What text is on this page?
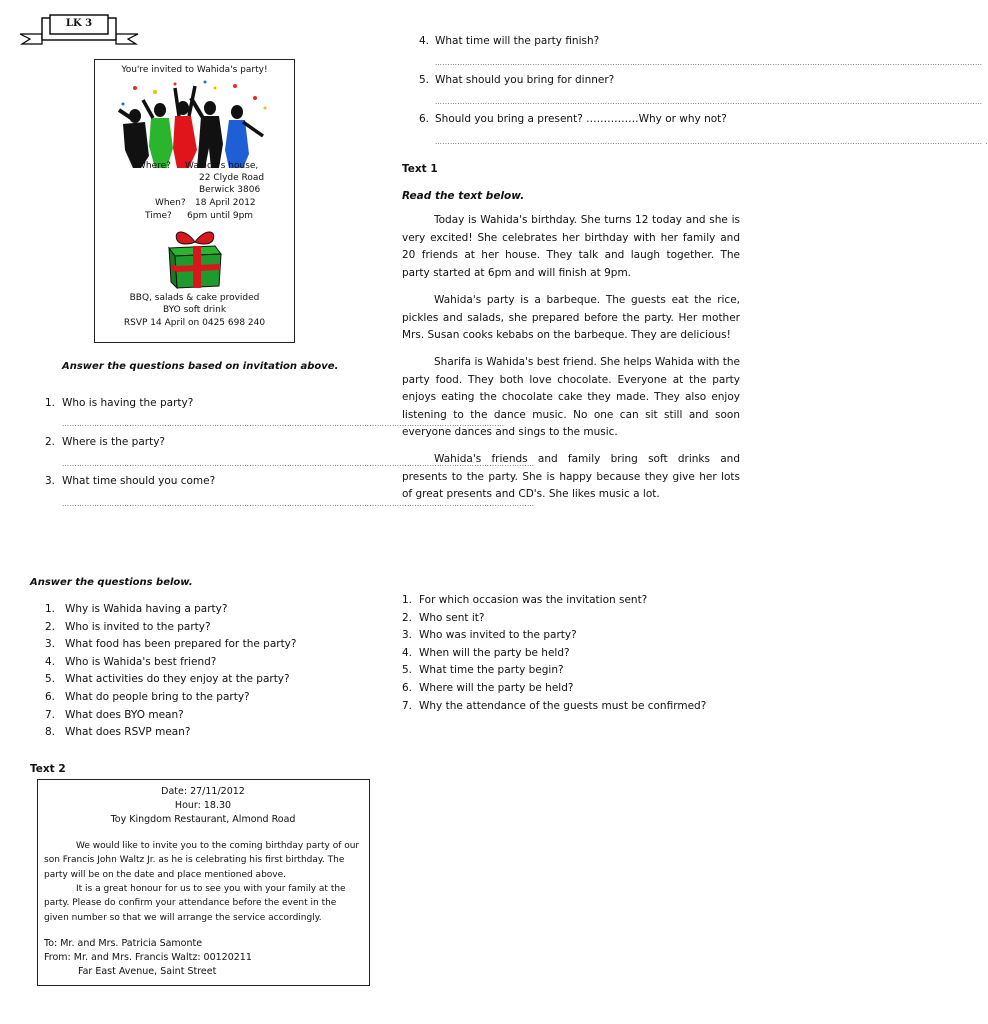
LK 3
You're invited to Wahida's party!
Where? Wahida's house,
22 Clyde Road
Berwick 3806
When? 18 April 2012
Time? 6pm until 9pm
BBQ, salads & cake provided
BYO soft drink
RSVP 14 April on 0425 698 240
Answer the questions based on invitation above.
1. Who is having the party?
……………………………………………………………………………………………………………………………………………………………
2. Where is the party?
………………………………………………………………………………………………………………………………………………………………………
3. What time should you come?
………………………………………………………………………………………………………………………………………………………………………
4. What time will the party finish?
…………………………………………………………………………………………………………………………………………………………………………………………………
5. What should you bring for dinner?
…………………………………………………………………………………………………………………………………………………………………………………………………
6. Should you bring a present? ……………Why or why not?
………………………………………………………………………………………………………………………………………………………………………………………………… .
Text 1
Read the text below.
Today is Wahida's birthday. She turns 12 today and she is very excited! She celebrates her birthday with her family and 20 friends at her house. They talk and laugh together. The party started at 6pm and will finish at 9pm.
Wahida's party is a barbeque. The guests eat the rice, pickles and salads, she prepared before the party. Her mother Mrs. Susan cooks kebabs on the barbeque. They are delicious!
Sharifa is Wahida's best friend. She helps Wahida with the party food. They both love chocolate. Everyone at the party enjoys eating the chocolate cake they made. They also enjoy listening to the dance music. No one can sit still and soon everyone dances and sings to the music.
Wahida's friends and family bring soft drinks and presents to the party. She is happy because they give her lots of great presents and CD's. She likes music a lot.
Answer the questions below.
1. Why is Wahida having a party?
2. Who is invited to the party?
3. What food has been prepared for the party?
4. Who is Wahida's best friend?
5. What activities do they enjoy at the party?
6. What do people bring to the party?
7. What does BYO mean?
8. What does RSVP mean?
1. For which occasion was the invitation sent?
2. Who sent it?
3. Who was invited to the party?
4. When will the party be held?
5. What time the party begin?
6. Where will the party be held?
7. Why the attendance of the guests must be confirmed?
Text 2
Date: 27/11/2012
Hour: 18.30
Toy Kingdom Restaurant, Almond Road
We would like to invite you to the coming birthday party of our son Francis John Waltz Jr. as he is celebrating his first birthday. The party will be on the date and place mentioned above.
It is a great honour for us to see you with your family at the party. Please do confirm your attendance before the event in the given number so that we will arrange the service accordingly.
To: Mr. and Mrs. Patricia Samonte
From: Mr. and Mrs. Francis Waltz: 00120211
Far East Avenue, Saint Street
